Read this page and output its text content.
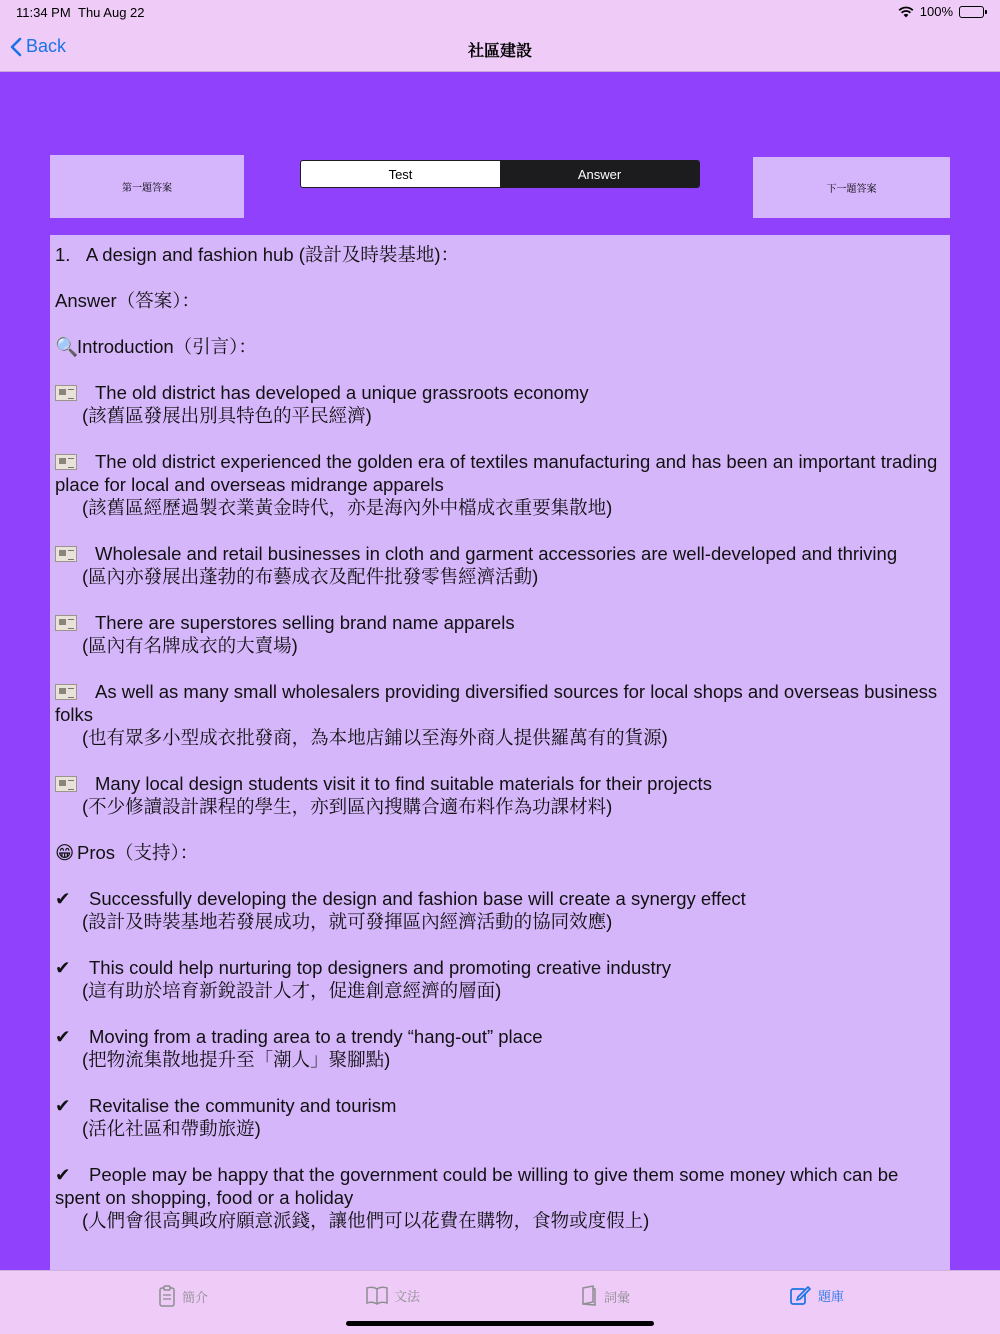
11:34 PM Thu Aug 22	100%
Back	社區建設
第一題答案
Test	Answer
下一題答案
1.   A design and fashion hub (設計及時裝基地)：
Answer（答案）：
🔍Introduction（引言）：
The old district has developed a unique grassroots economy
(該舊區發展出別具特色的平民經濟)
The old district experienced the golden era of textiles manufacturing and has been an important trading place for local and overseas midrange apparels
(該舊區經歷過製衣業黃金時代，亦是海內外中檔成衣重要集散地)
Wholesale and retail businesses in cloth and garment accessories are well-developed and thriving
(區內亦發展出蓬勃的布藝成衣及配件批發零售經濟活動)
There are superstores selling brand name apparels
(區內有名牌成衣的大賣場)
As well as many small wholesalers providing diversified sources for local shops and overseas business folks
(也有眾多小型成衣批發商，為本地店鋪以至海外商人提供羅萬有的貨源)
Many local design students visit it to find suitable materials for their projects
(不少修讀設計課程的學生，亦到區內搜購合適布料作為功課材料)
😁 Pros（支持）：
✔ Successfully developing the design and fashion base will create a synergy effect
(設計及時裝基地若發展成功，就可發揮區內經濟活動的協同效應)
✔ This could help nurturing top designers and promoting creative industry
(這有助於培育新銳設計人才，促進創意經濟的層面)
✔ Moving from a trading area to a trendy “hang-out” place
(把物流集散地提升至「潮人」聚腳點)
✔ Revitalise the community and tourism
(活化社區和帶動旅遊)
✔ People may be happy that the government could be willing to give them some money which can be spent on shopping, food or a holiday
(人們會很高興政府願意派錢，讓他們可以花費在購物，食物或度假上)
簡介	文法	詞彙	題庫
